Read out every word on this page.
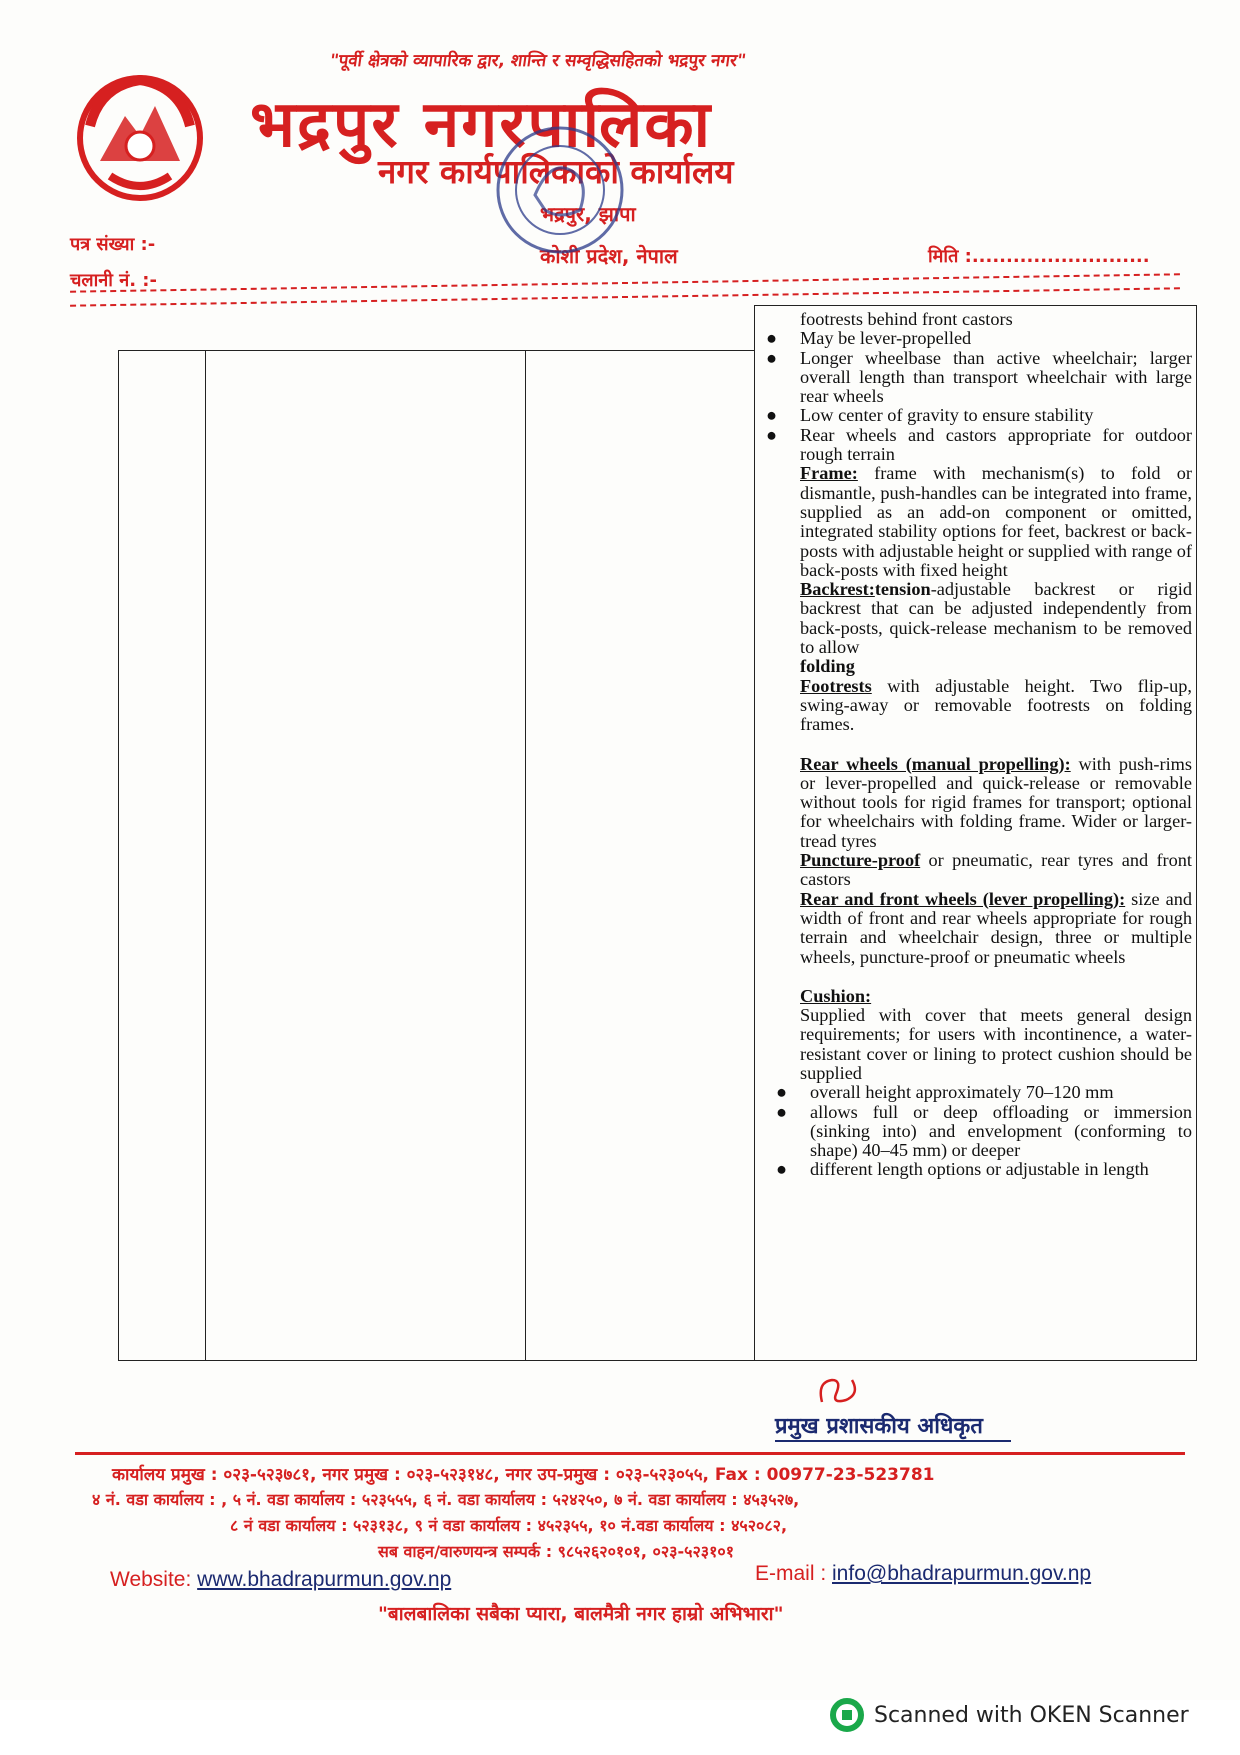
"पूर्वी क्षेत्रको व्यापारिक द्वार, शान्ति र सम्वृद्धिसहितको भद्रपुर नगर"
भद्रपुर नगरपालिका
नगर कार्यपालिकाको कार्यालय
भद्रपुर, झापा
कोशी प्रदेश, नेपाल
पत्र संख्या :-
चलानी नं. :-
मिति :..........................

footrests behind front castors

● May be lever-propelled
● Longer wheelbase than active wheelchair; larger overall length than transport wheelchair with large rear wheels
● Low center of gravity to ensure stability
● Rear wheels and castors appropriate for outdoor rough terrain

Frame: frame with mechanism(s) to fold or dismantle, push-handles can be integrated into frame, supplied as an add-on component or omitted, integrated stability options for feet, backrest or back-posts with adjustable height or supplied with range of back-posts with fixed height

Backrest:tension-adjustable backrest or rigid backrest that can be adjusted independently from back-posts, quick-release mechanism to be removed to allow
folding

Footrests with adjustable height. Two flip-up, swing-away or removable footrests on folding frames.

Rear wheels (manual propelling): with push-rims or lever-propelled and quick-release or removable without tools for rigid frames for transport; optional for wheelchairs with folding frame. Wider or larger-tread tyres

Puncture-proof or pneumatic, rear tyres and front castors

Rear and front wheels (lever propelling): size and width of front and rear wheels appropriate for rough terrain and wheelchair design, three or multiple wheels, puncture-proof or pneumatic wheels

Cushion:

Supplied with cover that meets general design requirements; for users with incontinence, a water-resistant cover or lining to protect cushion should be supplied

● overall height approximately 70–120 mm
● allows full or deep offloading or immersion (sinking into) and envelopment (conforming to shape) 40–45 mm) or deeper
● different length options or adjustable in length
प्रमुख प्रशासकीय अधिकृत
कार्यालय प्रमुख : ०२३-५२३७८१, नगर प्रमुख : ०२३-५२३१४८, नगर उप-प्रमुख : ०२३-५२३०५५, Fax : 00977-23-523781
४ नं. वडा कार्यालय : , ५ नं. वडा कार्यालय : ५२३५५५, ६ नं. वडा कार्यालय : ५२४२५०, ७ नं. वडा कार्यालय : ४५३५२७,
८ नं वडा कार्यालय : ५२३१३८, ९ नं वडा कार्यालय : ४५२३५५, १० नं.वडा कार्यालय : ४५२०८२,
सब वाहन/वारुणयन्त्र सम्पर्क : ९८५२६२०१०१, ०२३-५२३१०१
Website: www.bhadrapurmun.gov.np	E-mail : info@bhadrapurmun.gov.np
"बालबालिका सबैका प्यारा, बालमैत्री नगर हाम्रो अभिभारा"
Scanned with OKEN Scanner
